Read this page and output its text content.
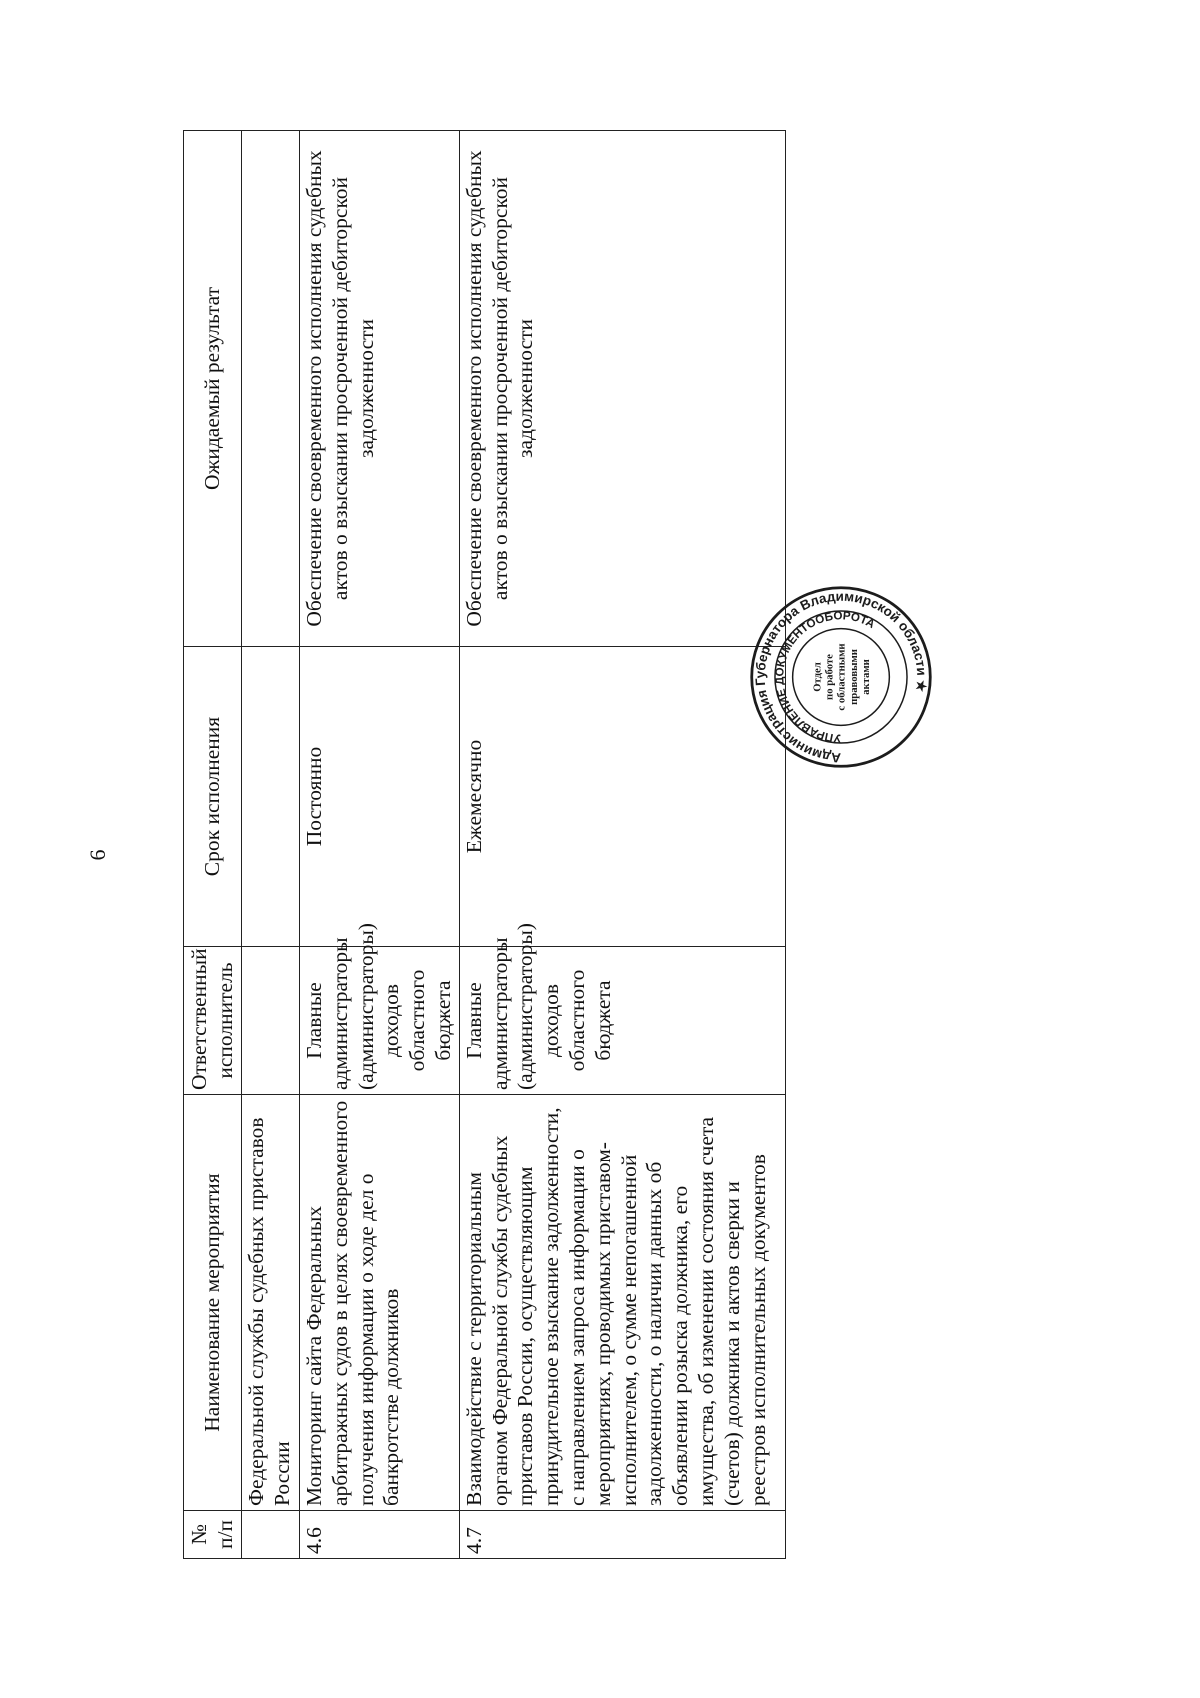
6
№ п/п	Наименование мероприятия	Ответственный исполнитель	Срок исполнения	Ожидаемый результат
	Федеральной службы судебных приставов России			
4.6	Мониторинг сайта Федеральных арбитражных судов в целях своевременного получения информации о ходе дел о банкротстве должников	Главные администраторы (администраторы) доходов областного бюджета	Постоянно	Обеспечение своевременного исполнения судебных актов о взыскании просроченной дебиторской задолженности
4.7	Взаимодействие с территориальным органом Федеральной службы судебных приставов России, осуществляющим принудительное взыскание задолженности, с направлением запроса информации о мероприятиях, проводимых приставом-исполнителем, о сумме непогашенной задолженности, о наличии данных об объявлении розыска должника, его имущества, об изменении состояния счета (счетов) должника и актов сверки и реестров исполнительных документов	Главные администраторы (администраторы) доходов областного бюджета	Ежемесячно	Обеспечение своевременного исполнения судебных актов о взыскании просроченной дебиторской задолженности
Администрация Губернатора Владимирской области ★
УПРАВЛЕНИЕ ДОКУМЕНТООБОРОТА
Отдел по работе с областными правовыми актами
